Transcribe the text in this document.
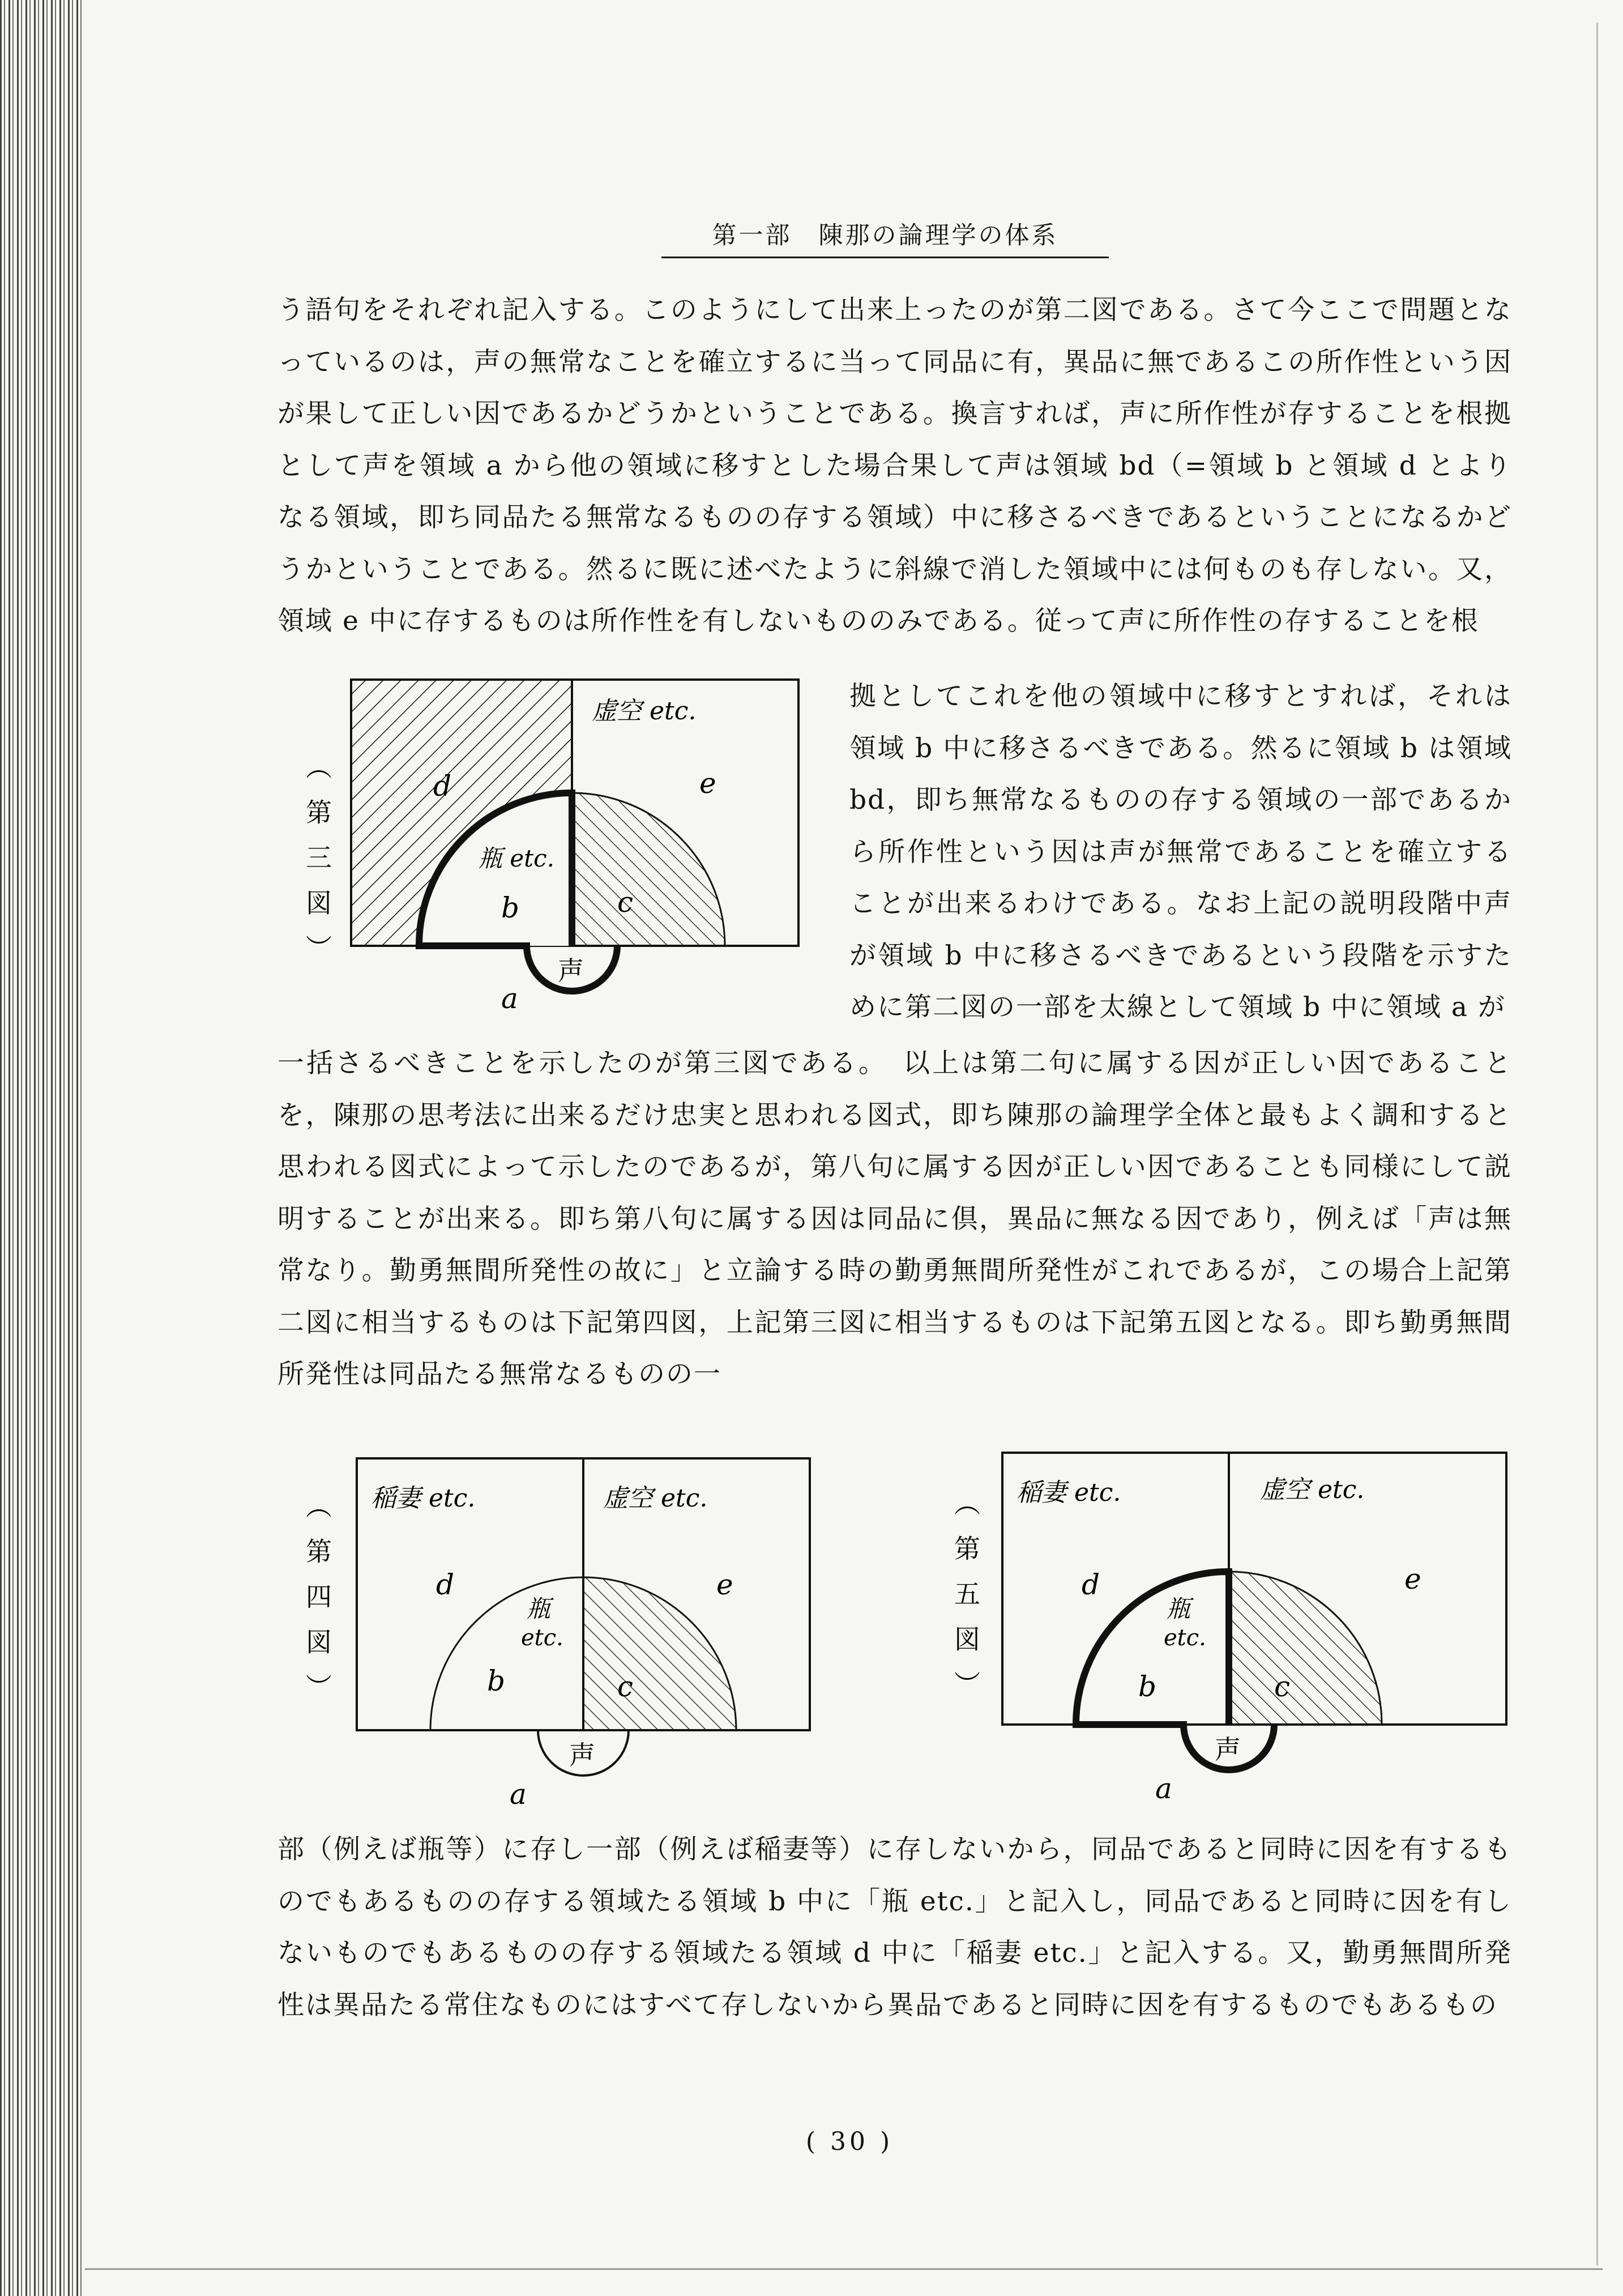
第一部　陳那の論理学の体系

う語句をそれぞれ記入する。このようにして出来上ったのが第二図である。さて今ここで問題となっているのは，声の無常なことを確立するに当って同品に有，異品に無であるこの所作性という因が果して正しい因であるかどうかということである。換言すれば，声に所作性が存することを根拠として声を領域 a から他の領域に移すとした場合果して声は領域 bd（=領域 b と領域 d とよりなる領域，即ち同品たる無常なるものの存する領域）中に移さるべきであるということになるかどうかということである。然るに既に述べたように斜線で消した領域中には何ものも存しない。又，領域 e 中に存するものは所作性を有しないもののみである。従って声に所作性の存することを根

拠としてこれを他の領域中に移すとすれば，それは領域 b 中に移さるべきである。然るに領域 b は領域 bd，即ち無常なるものの存する領域の一部であるから所作性という因は声が無常であることを確立することが出来るわけである。なお上記の説明段階中声が領域 b 中に移さるべきであるという段階を示すために第二図の一部を太線として領域 b 中に領域 a が

一括さるべきことを示したのが第三図である。　以上は第二句に属する因が正しい因であることを，陳那の思考法に出来るだけ忠実と思われる図式，即ち陳那の論理学全体と最もよく調和すると思われる図式によって示したのであるが，第八句に属する因が正しい因であることも同様にして説明することが出来る。即ち第八句に属する因は同品に倶，異品に無なる因であり，例えば「声は無常なり。勤勇無間所発性の故に」と立論する時の勤勇無間所発性がこれであるが，この場合上記第二図に相当するものは下記第四図，上記第三図に相当するものは下記第五図となる。即ち勤勇無間所発性は同品たる無常なるものの一

部（例えば瓶等）に存し一部（例えば稲妻等）に存しないから，同品であると同時に因を有するものでもあるものの存する領域たる領域 b 中に「瓶 etc.」と記入し，同品であると同時に因を有しないものでもあるものの存する領域たる領域 d 中に「稲妻 etc.」と記入する。又，勤勇無間所発性は異品たる常住なものにはすべて存しないから異品であると同時に因を有するものでもあるもの

（第三図）
虚空 etc.
d	e
瓶 etc.
b	c
声
a
（第四図） 稲妻 etc.	虚空 etc.
d	e
瓶
etc.
b	c
声
a
（第五図） 稲妻 etc.	虚空 etc.
d	e
瓶
etc.
b	c
声
a
( 30 )
